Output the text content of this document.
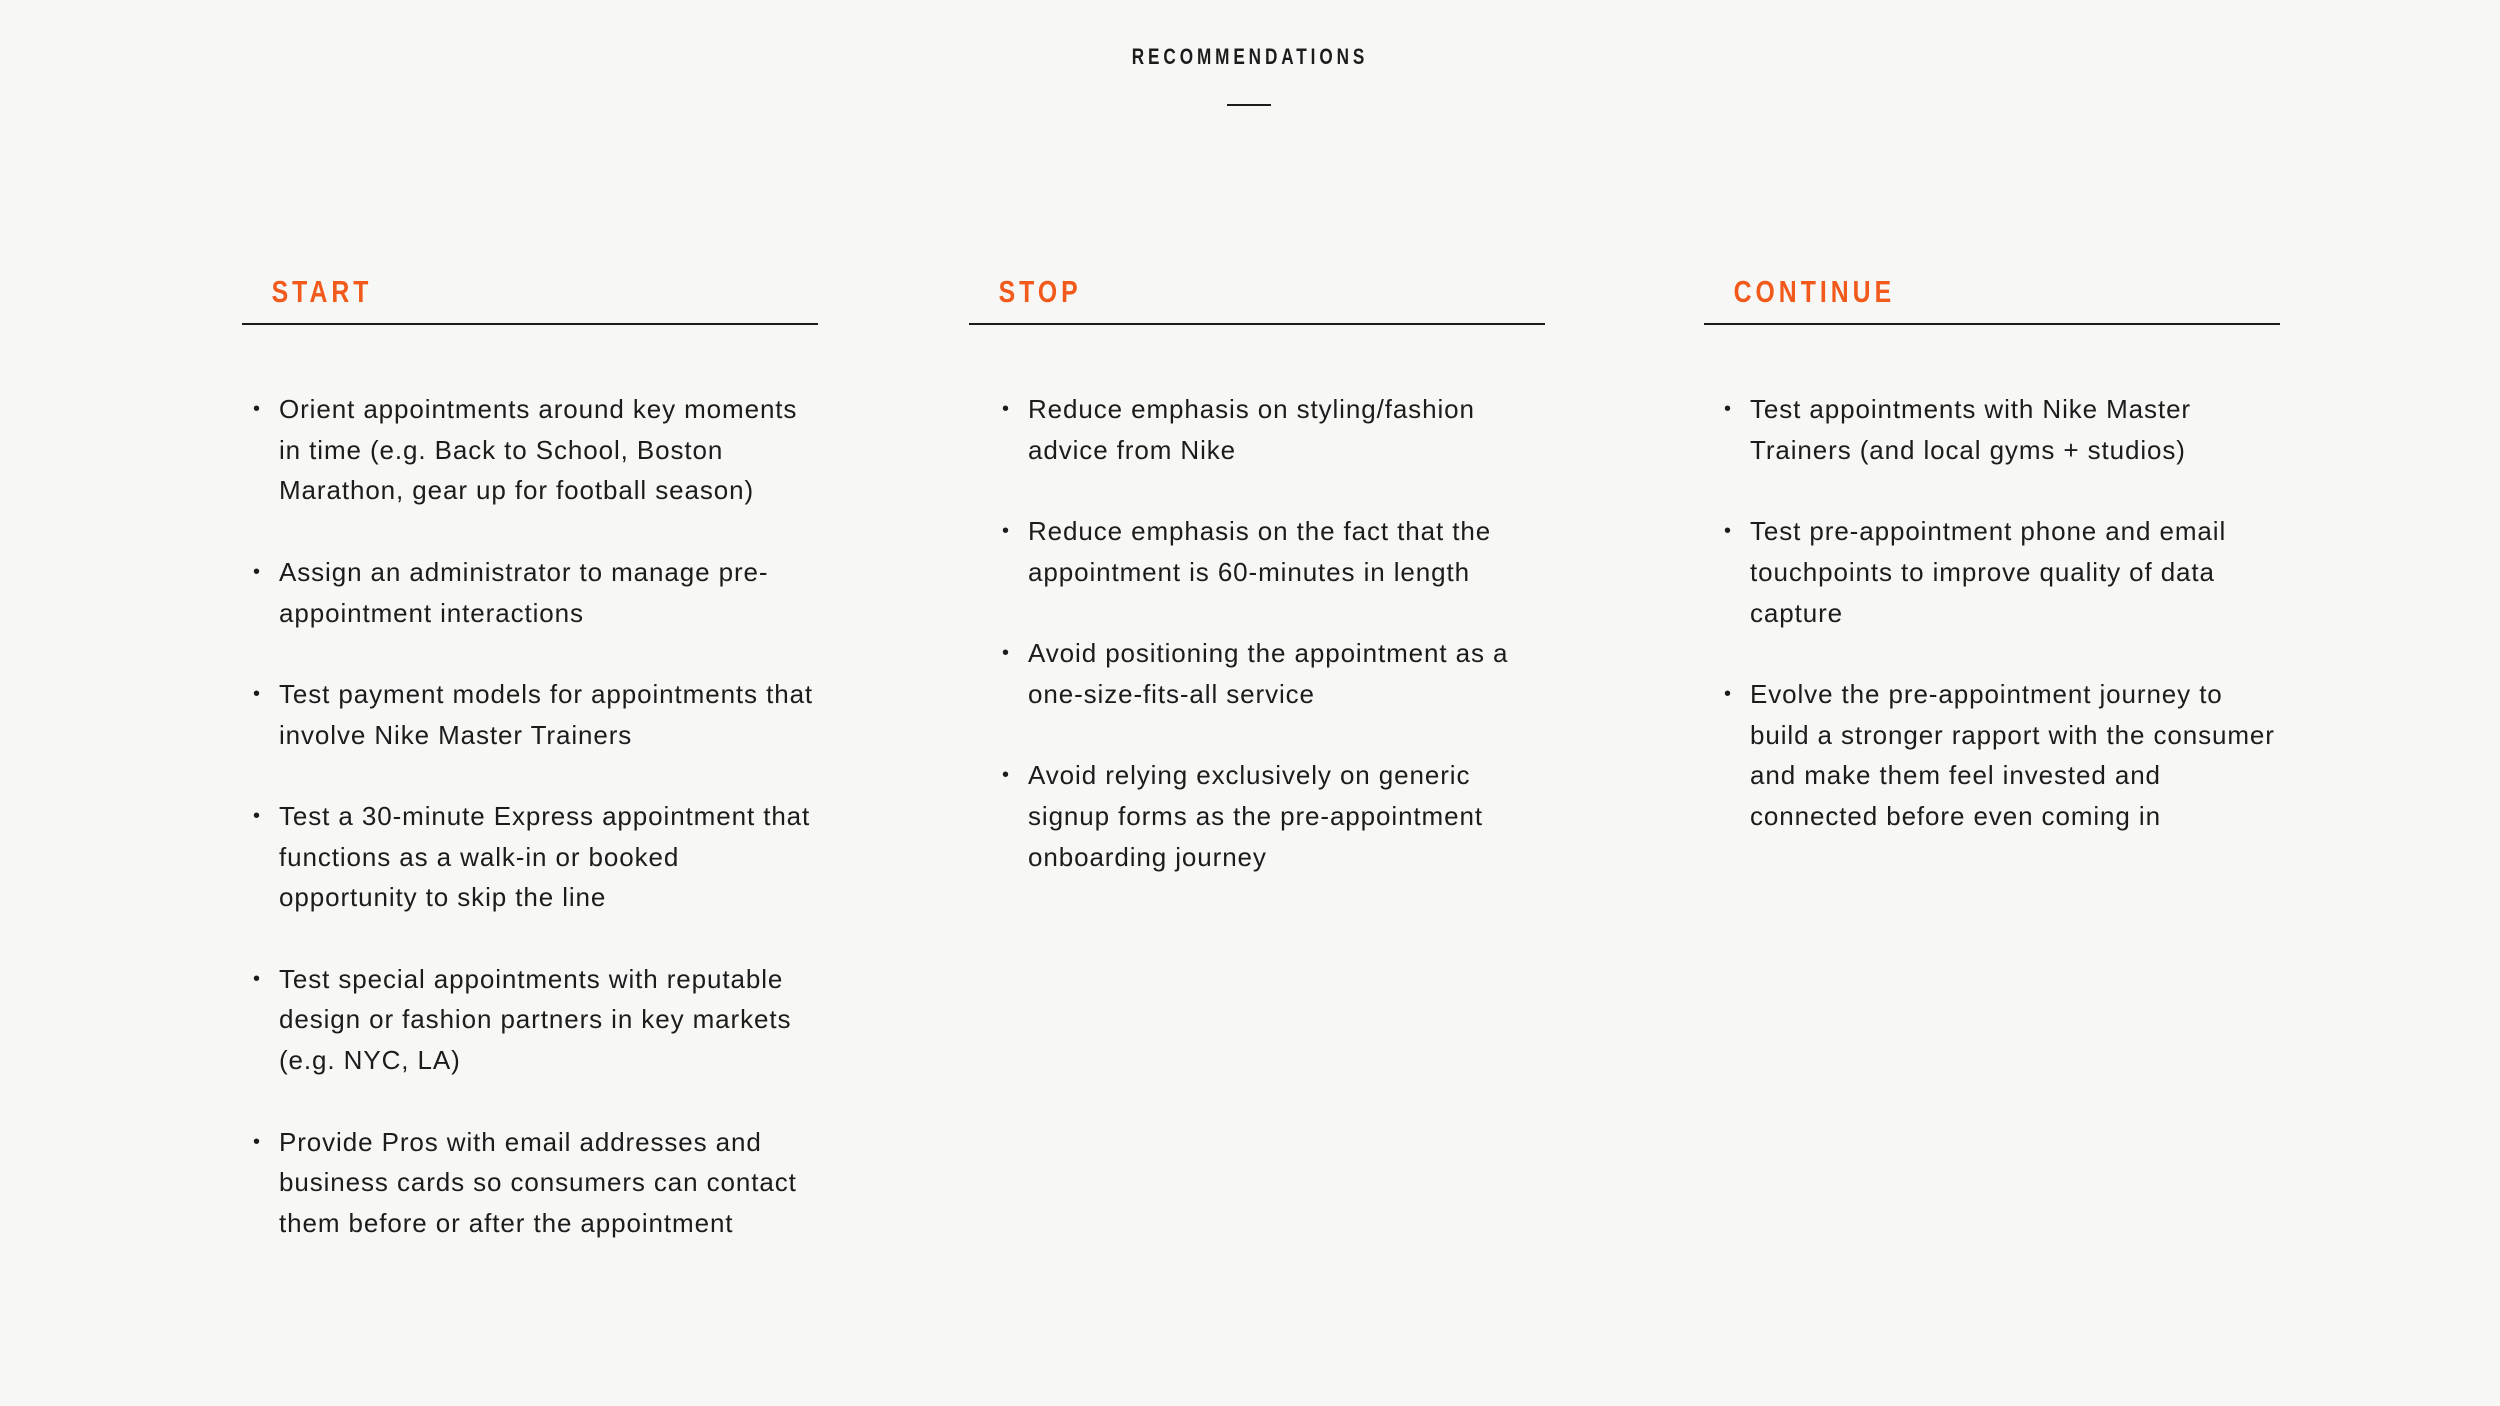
RECOMMENDATIONS
START
• Orient appointments around key moments in time (e.g. Back to School, Boston Marathon, gear up for football season)
• Assign an administrator to manage pre-appointment interactions
• Test payment models for appointments that involve Nike Master Trainers
• Test a 30-minute Express appointment that functions as a walk-in or booked opportunity to skip the line
• Test special appointments with reputable design or fashion partners in key markets (e.g. NYC, LA)
• Provide Pros with email addresses and business cards so consumers can contact them before or after the appointment
STOP
• Reduce emphasis on styling/fashion advice from Nike
• Reduce emphasis on the fact that the appointment is 60-minutes in length
• Avoid positioning the appointment as a one-size-fits-all service
• Avoid relying exclusively on generic signup forms as the pre-appointment onboarding journey
CONTINUE
• Test appointments with Nike Master Trainers (and local gyms + studios)
• Test pre-appointment phone and email touchpoints to improve quality of data capture
• Evolve the pre-appointment journey to build a stronger rapport with the consumer and make them feel invested and connected before even coming in
